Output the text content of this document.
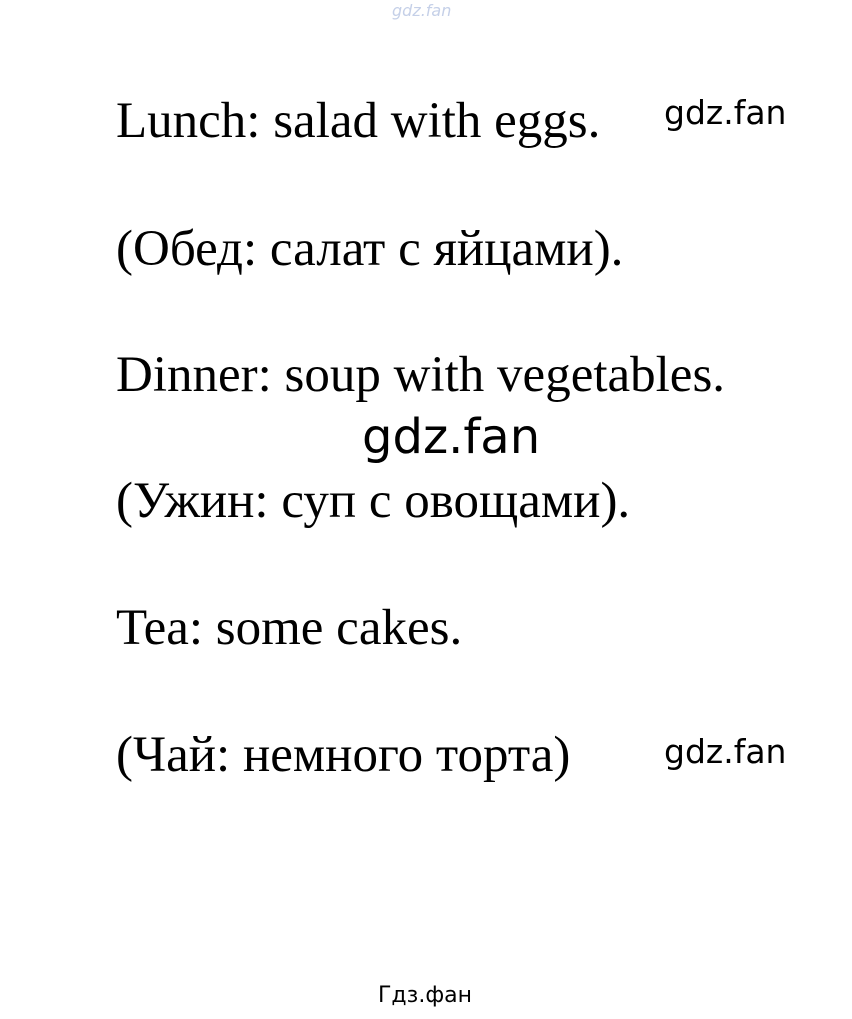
gdz.fan

Lunch: salad with eggs. gdz.fan

(Обед: салат с яйцами).

Dinner: soup with vegetables.

gdz.fan

(Ужин: суп с овощами).

Tea: some cakes.

(Чай: немного торта)	gdz.fan
Гдз.фан
